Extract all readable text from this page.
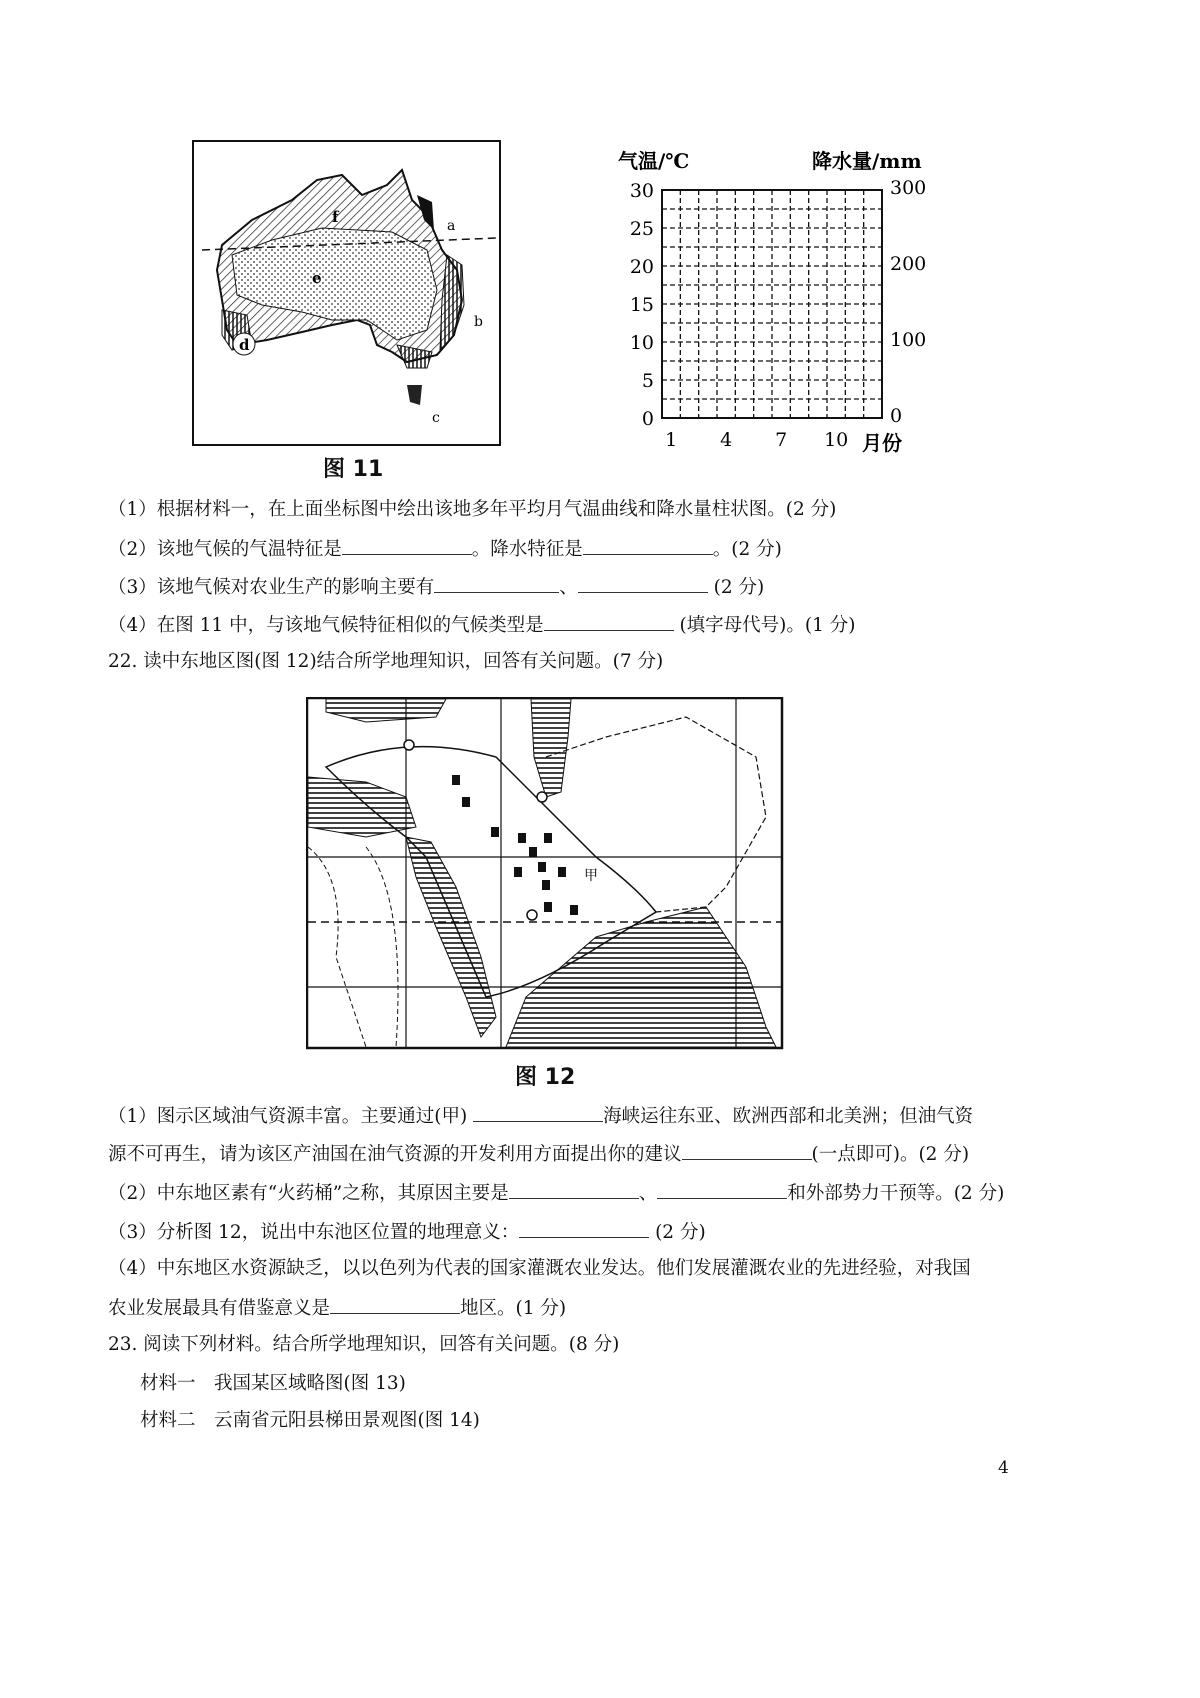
d
a
b
c
e
f
气温/℃	降水量/mm
0
5
10
15
20
25
30
0
100
200
300
1 4 7 10 月份
图 11
（1）根据材料一，在上面坐标图中绘出该地多年平均月气温曲线和降水量柱状图。(2 分)
（2）该地气候的气温特征是	。降水特征是	。(2 分)
（3）该地气候对农业生产的影响主要有	、	(2 分)
（4）在图 11 中，与该地气候特征相似的气候类型是	(填字母代号)。(1 分)
22. 读中东地区图(图 12)结合所学地理知识，回答有关问题。(7 分)
甲
图 12
（1）图示区域油气资源丰富。主要通过(甲)	海峡运往东亚、欧洲西部和北美洲；但油气资
源不可再生，请为该区产油国在油气资源的开发利用方面提出你的建议	(一点即可)。(2 分)
（2）中东地区素有“火药桶”之称，其原因主要是	、	和外部势力干预等。(2 分)
（3）分析图 12，说出中东池区位置的地理意义：	(2 分)
（4）中东地区水资源缺乏，以以色列为代表的国家灌溉农业发达。他们发展灌溉农业的先进经验，对我国
农业发展最具有借鉴意义是	地区。(1 分)
23. 阅读下列材料。结合所学地理知识，回答有关问题。(8 分)
材料一　我国某区域略图(图 13)
材料二　云南省元阳县梯田景观图(图 14)
4
